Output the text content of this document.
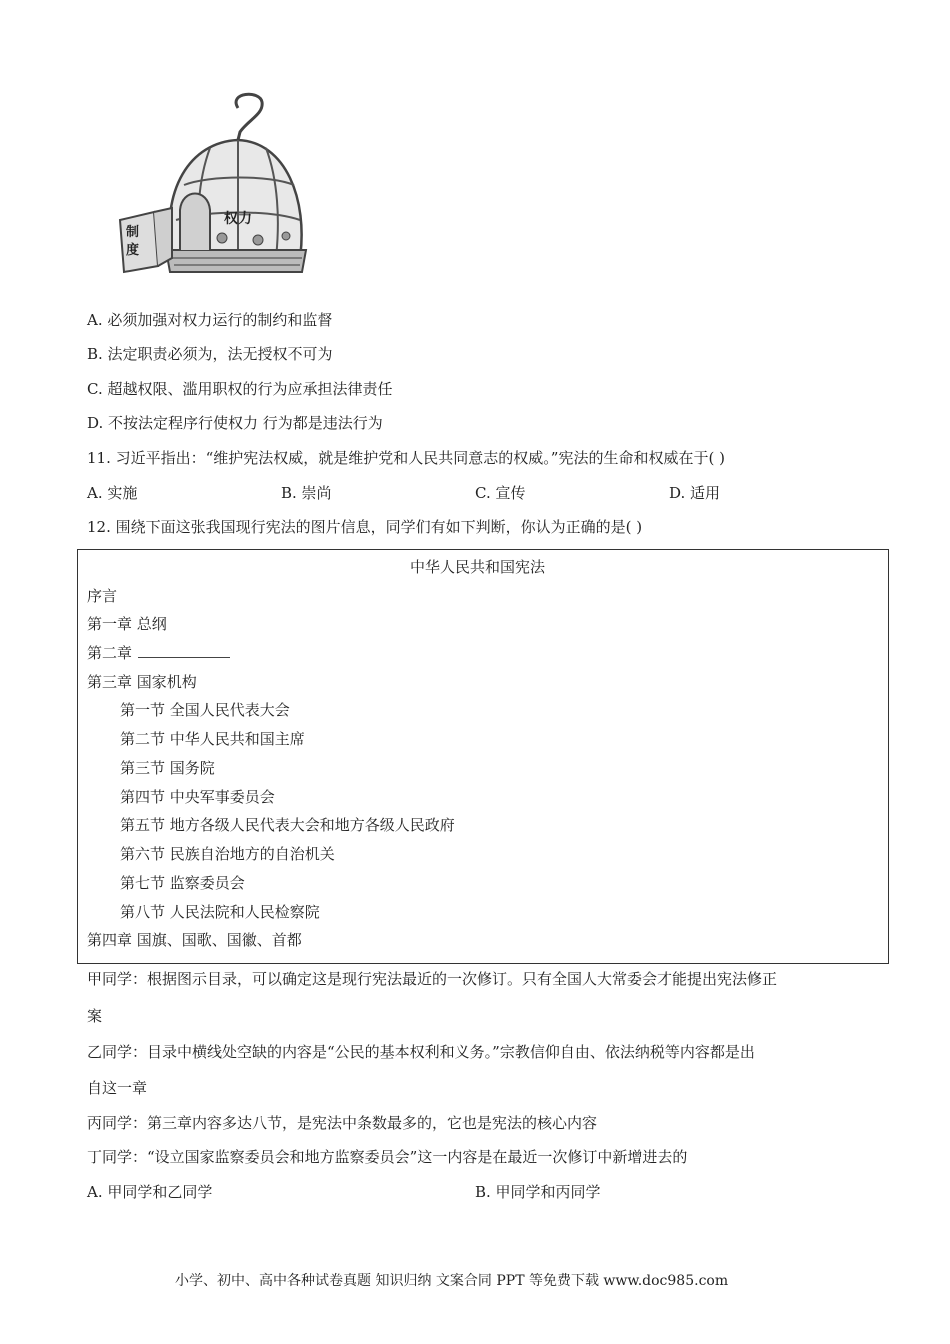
权力
制度
A. 必须加强对权力运行的制约和监督
B. 法定职责必须为，法无授权不可为
C. 超越权限、滥用职权的行为应承担法律责任
D. 不按法定程序行使权力 行为都是违法行为
11. 习近平指出：“维护宪法权威，就是维护党和人民共同意志的权威。”宪法的生命和权威在于( )
A. 实施	B. 崇尚	C. 宣传	D. 适用
12. 围绕下面这张我国现行宪法的图片信息，同学们有如下判断，你认为正确的是( )
中华人民共和国宪法
序言
第一章 总纲
第二章
第三章 国家机构
第一节 全国人民代表大会
第二节 中华人民共和国主席
第三节 国务院
第四节 中央军事委员会
第五节 地方各级人民代表大会和地方各级人民政府
第六节 民族自治地方的自治机关
第七节 监察委员会
第八节 人民法院和人民检察院
第四章 国旗、国歌、国徽、首都
甲同学：根据图示目录，可以确定这是现行宪法最近的一次修订。只有全国人大常委会才能提出宪法修正
案
乙同学：目录中横线处空缺的内容是“公民的基本权利和义务。”宗教信仰自由、依法纳税等内容都是出
自这一章
丙同学：第三章内容多达八节，是宪法中条数最多的，它也是宪法的核心内容
丁同学：“设立国家监察委员会和地方监察委员会”这一内容是在最近一次修订中新增进去的
A. 甲同学和乙同学	B. 甲同学和丙同学
小学、初中、高中各种试卷真题 知识归纳 文案合同 PPT 等免费下载 www.doc985.com
